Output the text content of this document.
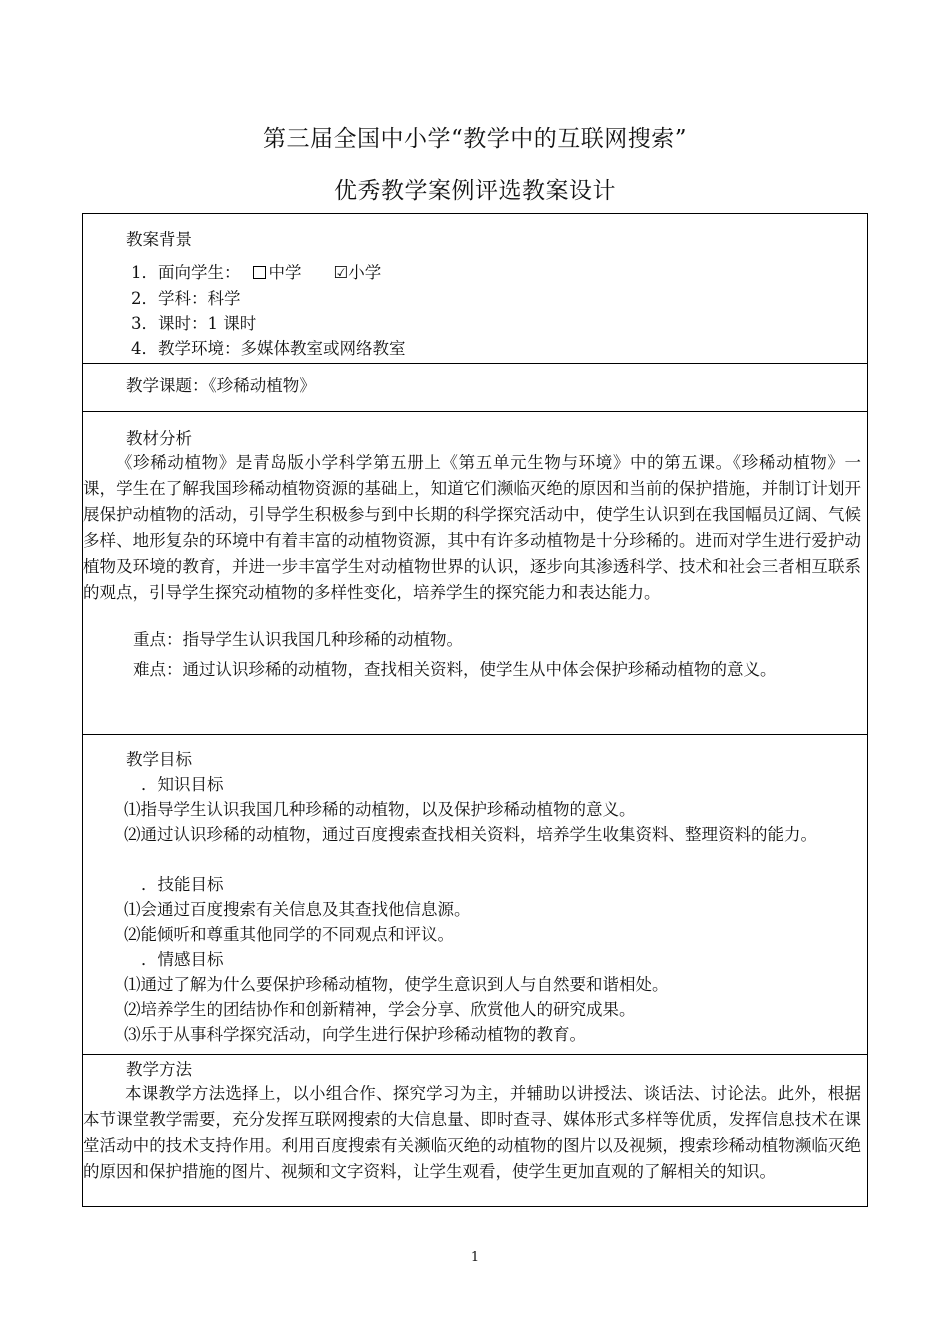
第三届全国中小学“教学中的互联网搜索”
优秀教学案例评选教案设计
教案背景
1．面向学生： 中学 ☑小学
2．学科：科学
3．课时：1 课时
4．教学环境：多媒体教室或网络教室
教学课题：《珍稀动植物》
教材分析

《珍稀动植物》是青岛版小学科学第五册上《第五单元生物与环境》中的第五课。《珍稀动植物》一课，学生在了解我国珍稀动植物资源的基础上，知道它们濒临灭绝的原因和当前的保护措施，并制订计划开展保护动植物的活动，引导学生积极参与到中长期的科学探究活动中，使学生认识到在我国幅员辽阔、气候多样、地形复杂的环境中有着丰富的动植物资源，其中有许多动植物是十分珍稀的。进而对学生进行爱护动植物及环境的教育，并进一步丰富学生对动植物世界的认识，逐步向其渗透科学、技术和社会三者相互联系的观点，引导学生探究动植物的多样性变化，培养学生的探究能力和表达能力。

重点：指导学生认识我国几种珍稀的动植物。
难点：通过认识珍稀的动植物，查找相关资料，使学生从中体会保护珍稀动植物的意义。
教学目标
．知识目标
⑴指导学生认识我国几种珍稀的动植物，以及保护珍稀动植物的意义。

⑵通过认识珍稀的动植物，通过百度搜索查找相关资料，培养学生收集资料、整理资料的能力。

．技能目标
⑴会通过百度搜索有关信息及其查找他信息源。
⑵能倾听和尊重其他同学的不同观点和评议。
．情感目标
⑴通过了解为什么要保护珍稀动植物，使学生意识到人与自然要和谐相处。
⑵培养学生的团结协作和创新精神，学会分享、欣赏他人的研究成果。
⑶乐于从事科学探究活动，向学生进行保护珍稀动植物的教育。
教学方法

本课教学方法选择上，以小组合作、探究学习为主，并辅助以讲授法、谈话法、讨论法。此外，根据本节课堂教学需要，充分发挥互联网搜索的大信息量、即时查寻、媒体形式多样等优质，发挥信息技术在课堂活动中的技术支持作用。利用百度搜索有关濒临灭绝的动植物的图片以及视频，搜索珍稀动植物濒临灭绝的原因和保护措施的图片、视频和文字资料，让学生观看，使学生更加直观的了解相关的知识。

1
